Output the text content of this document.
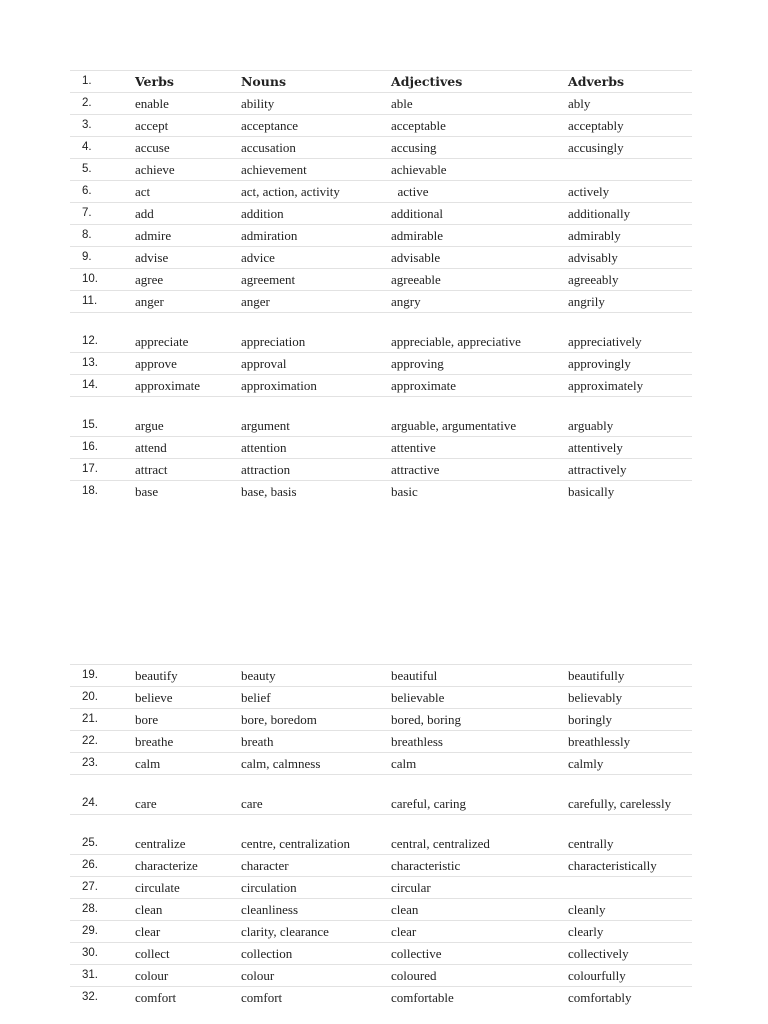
1.	Verbs	Nouns	Adjectives	Adverbs
2.	enable	ability	able	ably
3.	accept	acceptance	acceptable	acceptably
4.	accuse	accusation	accusing	accusingly
5.	achieve	achievement	achievable
6.	act	act, action, activity	active	actively
7.	add	addition	additional	additionally
8.	admire	admiration	admirable	admirably
9.	advise	advice	advisable	advisably
10.	agree	agreement	agreeable	agreeably
11.	anger	anger	angry	angrily
12.	appreciate	appreciation	appreciable, appreciative	appreciatively
13.	approve	approval	approving	approvingly
14.	approximate	approximation	approximate	approximately
15.	argue	argument	arguable, argumentative	arguably
16.	attend	attention	attentive	attentively
17.	attract	attraction	attractive	attractively
18.	base	base, basis	basic	basically
19.	beautify	beauty	beautiful	beautifully
20.	believe	belief	believable	believably
21.	bore	bore, boredom	bored, boring	boringly
22.	breathe	breath	breathless	breathlessly
23.	calm	calm, calmness	calm	calmly
24.	care	care	careful, caring	carefully, carelessly
25.	centralize	centre, centralization	central, centralized	centrally
26.	characterize	character	characteristic	characteristically
27.	circulate	circulation	circular
28.	clean	cleanliness	clean	cleanly
29.	clear	clarity, clearance	clear	clearly
30.	collect	collection	collective	collectively
31.	colour	colour	coloured	colourfully
32.	comfort	comfort	comfortable	comfortably
